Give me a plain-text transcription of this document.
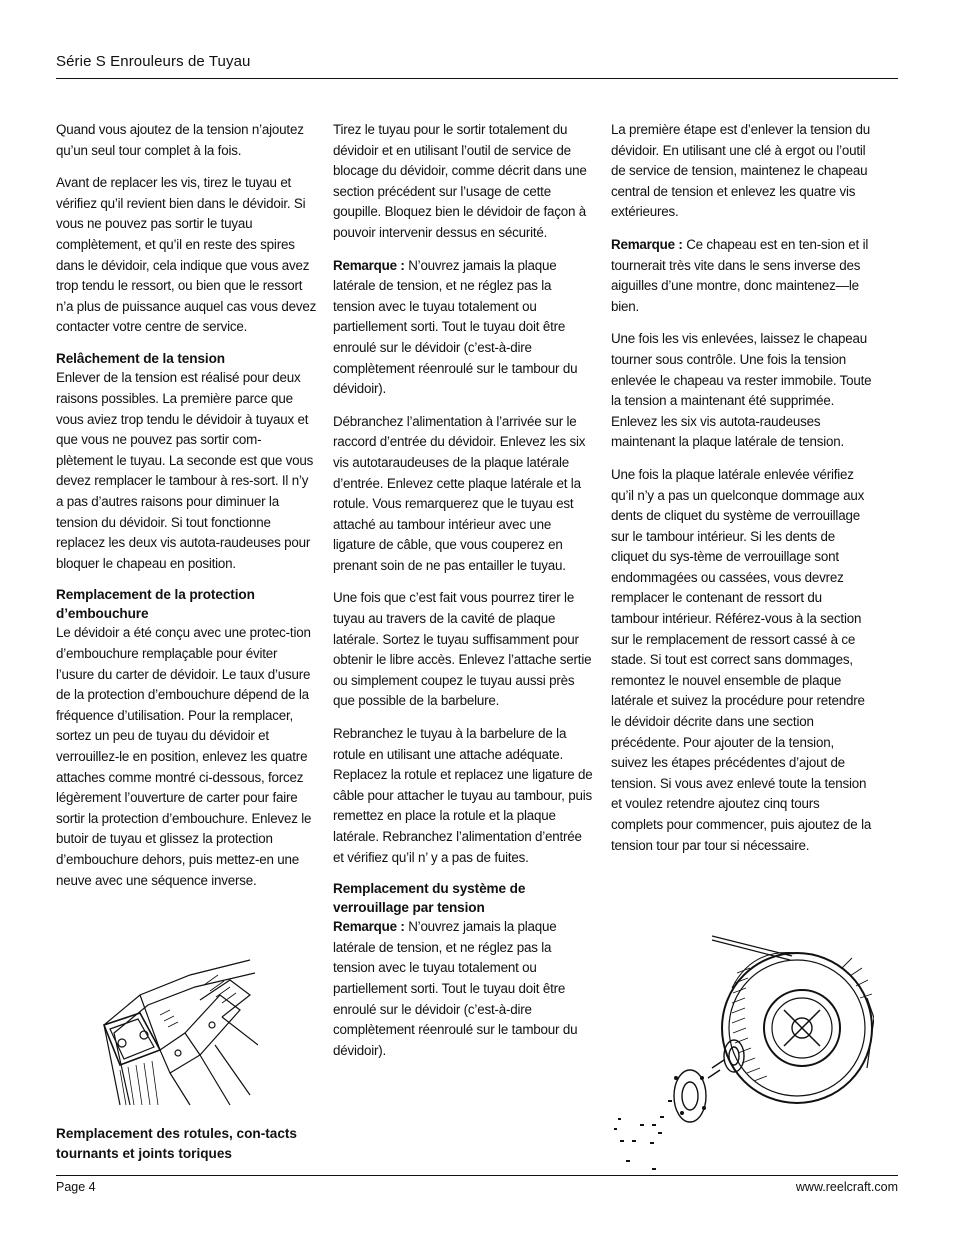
Série S Enrouleurs de Tuyau

Quand vous ajoutez de la tension n’ajoutez qu’un seul tour complet à la fois.

Avant de replacer les vis, tirez le tuyau et vérifiez qu’il revient bien dans le dévidoir. Si vous ne pouvez pas sortir le tuyau complètement, et qu’il en reste des spires dans le dévidoir, cela indique que vous avez trop tendu le ressort, ou bien que le ressort n’a plus de puissance auquel cas vous devez contacter votre centre de service.

Relâchement de la tension

Enlever de la tension est réalisé pour deux raisons possibles. La première parce que vous aviez trop tendu le dévidoir à tuyaux et que vous ne pouvez pas sortir com-plètement le tuyau. La seconde est que vous devez remplacer le tambour à res-sort. Il n’y a pas d’autres raisons pour diminuer la tension du dévidoir. Si tout fonctionne replacez les deux vis autota-raudeuses pour bloquer le chapeau en position.

Remplacement de la protection d’embouchure

Le dévidoir a été conçu avec une protec-tion d’embouchure remplaçable pour éviter l’usure du carter de dévidoir. Le taux d’usure de la protection d’embouchure dépend de la fréquence d’utilisation. Pour la remplacer, sortez un peu de tuyau du dévidoir et verrouillez-le en position, enlevez les quatre attaches comme montré ci-dessous, forcez légèrement l’ouverture de carter pour faire sortir la protection d’embouchure. Enlevez le butoir de tuyau et glissez la protection d’embouchure dehors, puis mettez-en une neuve avec une séquence inverse.

Remplacement des rotules, con-tacts tournants et joints toriques

Tirez le tuyau pour le sortir totalement du dévidoir et en utilisant l’outil de service de blocage du dévidoir, comme décrit dans une section précédent sur l’usage de cette goupille. Bloquez bien le dévidoir de façon à pouvoir intervenir dessus en sécurité.

Remarque : N’ouvrez jamais la plaque latérale de tension, et ne réglez pas la tension avec le tuyau totalement ou partiellement sorti. Tout le tuyau doit être enroulé sur le dévidoir (c’est-à-dire complètement réenroulé sur le tambour du dévidoir).

Débranchez l’alimentation à l’arrivée sur le raccord d’entrée du dévidoir. Enlevez les six vis autotaraudeuses de la plaque latérale d’entrée. Enlevez cette plaque latérale et la rotule. Vous remarquerez que le tuyau est attaché au tambour intérieur avec une ligature de câble, que vous couperez en prenant soin de ne pas entailler le tuyau.

Une fois que c’est fait vous pourrez tirer le tuyau au travers de la cavité de plaque latérale. Sortez le tuyau suffisamment pour obtenir le libre accès. Enlevez l’attache sertie ou simplement coupez le tuyau aussi près que possible de la barbelure.

Rebranchez le tuyau à la barbelure de la rotule en utilisant une attache adéquate. Replacez la rotule et replacez une ligature de câble pour attacher le tuyau au tambour, puis remettez en place la rotule et la plaque latérale. Rebranchez l’alimentation d’entrée et vérifiez qu’il n’ y a pas de fuites.

Remplacement du système de verrouillage par tension

Remarque : N’ouvrez jamais la plaque latérale de tension, et ne réglez pas la tension avec le tuyau totalement ou partiellement sorti. Tout le tuyau doit être enroulé sur le dévidoir (c’est-à-dire complètement réenroulé sur le tambour du dévidoir).

La première étape est d’enlever la tension du dévidoir. En utilisant une clé à ergot ou l’outil de service de tension, maintenez le chapeau central de tension et enlevez les quatre vis extérieures.

Remarque : Ce chapeau est en ten-sion et il tournerait très vite dans le sens inverse des aiguilles d’une montre, donc maintenez—le bien.

Une fois les vis enlevées, laissez le chapeau tourner sous contrôle. Une fois la tension enlevée le chapeau va rester immobile. Toute la tension a maintenant été supprimée. Enlevez les six vis autota-raudeuses maintenant la plaque latérale de tension.

Une fois la plaque latérale enlevée vérifiez qu’il n’y a pas un quelconque dommage aux dents de cliquet du système de verrouillage sur le tambour intérieur. Si les dents de cliquet du sys-tème de verrouillage sont endommagées ou cassées, vous devrez remplacer le contenant de ressort du tambour intérieur. Référez-vous à la section sur le remplacement de ressort cassé à ce stade. Si tout est correct sans dommages, remontez le nouvel ensemble de plaque latérale et suivez la procédure pour retendre le dévidoir décrite dans une section précédente. Pour ajouter de la tension, suivez les étapes précédentes d’ajout de tension. Si vous avez enlevé toute la tension et voulez retendre ajoutez cinq tours complets pour commencer, puis ajoutez de la tension tour par tour si nécessaire.

Page 4	www.reelcraft.com
